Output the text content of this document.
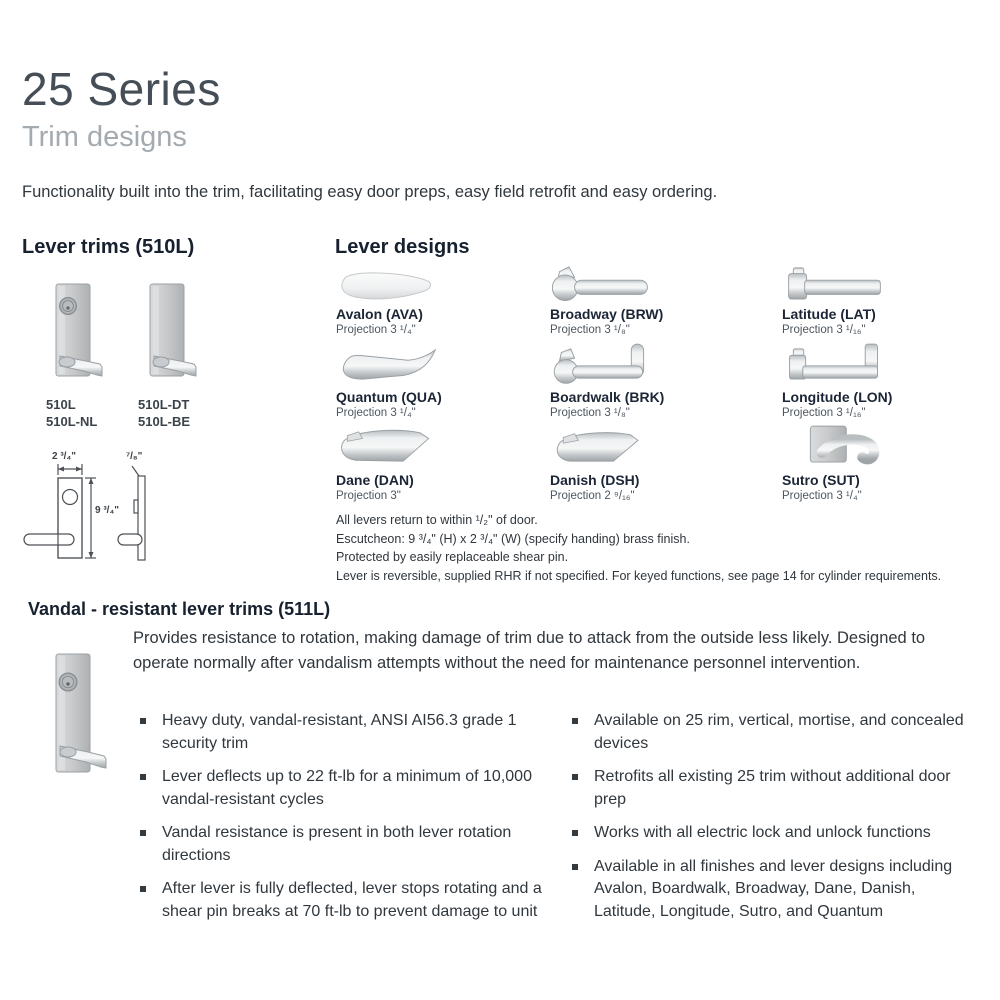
25 Series
Trim designs
Functionality built into the trim, facilitating easy door preps, easy field retrofit and easy ordering.
Lever trims (510L)
510L
510L-NL
510L-DT
510L-BE
2 ³/₄"	⁷/₈"
9 ³/₄"
Lever designs
Avalon (AVA)
Projection 3 ¹/₄"
Broadway (BRW)
Projection 3 ¹/₈"
Latitude (LAT)
Projection 3 ¹/₁₆"
Quantum (QUA)
Projection 3 ¹/₄"
Boardwalk (BRK)
Projection 3 ¹/₈"
Longitude (LON)
Projection 3 ¹/₁₆"
Dane (DAN)
Projection 3"
Danish (DSH)
Projection 2 ⁹/₁₆"
Sutro (SUT)
Projection 3 ¹/₄"
All levers return to within ¹/₂" of door.
Escutcheon: 9 ³/₄" (H) x 2 ³/₄" (W) (specify handing) brass finish.
Protected by easily replaceable shear pin.
Lever is reversible, supplied RHR if not specified. For keyed functions, see page 14 for cylinder requirements.
Vandal - resistant lever trims (511L)
Provides resistance to rotation, making damage of trim due to attack from the outside less likely. Designed to operate normally after vandalism attempts without the need for maintenance personnel intervention.
Heavy duty, vandal-resistant, ANSI AI56.3 grade 1 security trim
Lever deflects up to 22 ft-lb for a minimum of 10,000 vandal-resistant cycles
Vandal resistance is present in both lever rotation directions
After lever is fully deflected, lever stops rotating and a shear pin breaks at 70 ft-lb to prevent damage to unit
Available on 25 rim, vertical, mortise, and concealed devices
Retrofits all existing 25 trim without additional door prep
Works with all electric lock and unlock functions
Available in all finishes and lever designs including Avalon, Boardwalk, Broadway, Dane, Danish, Latitude, Longitude, Sutro, and Quantum
